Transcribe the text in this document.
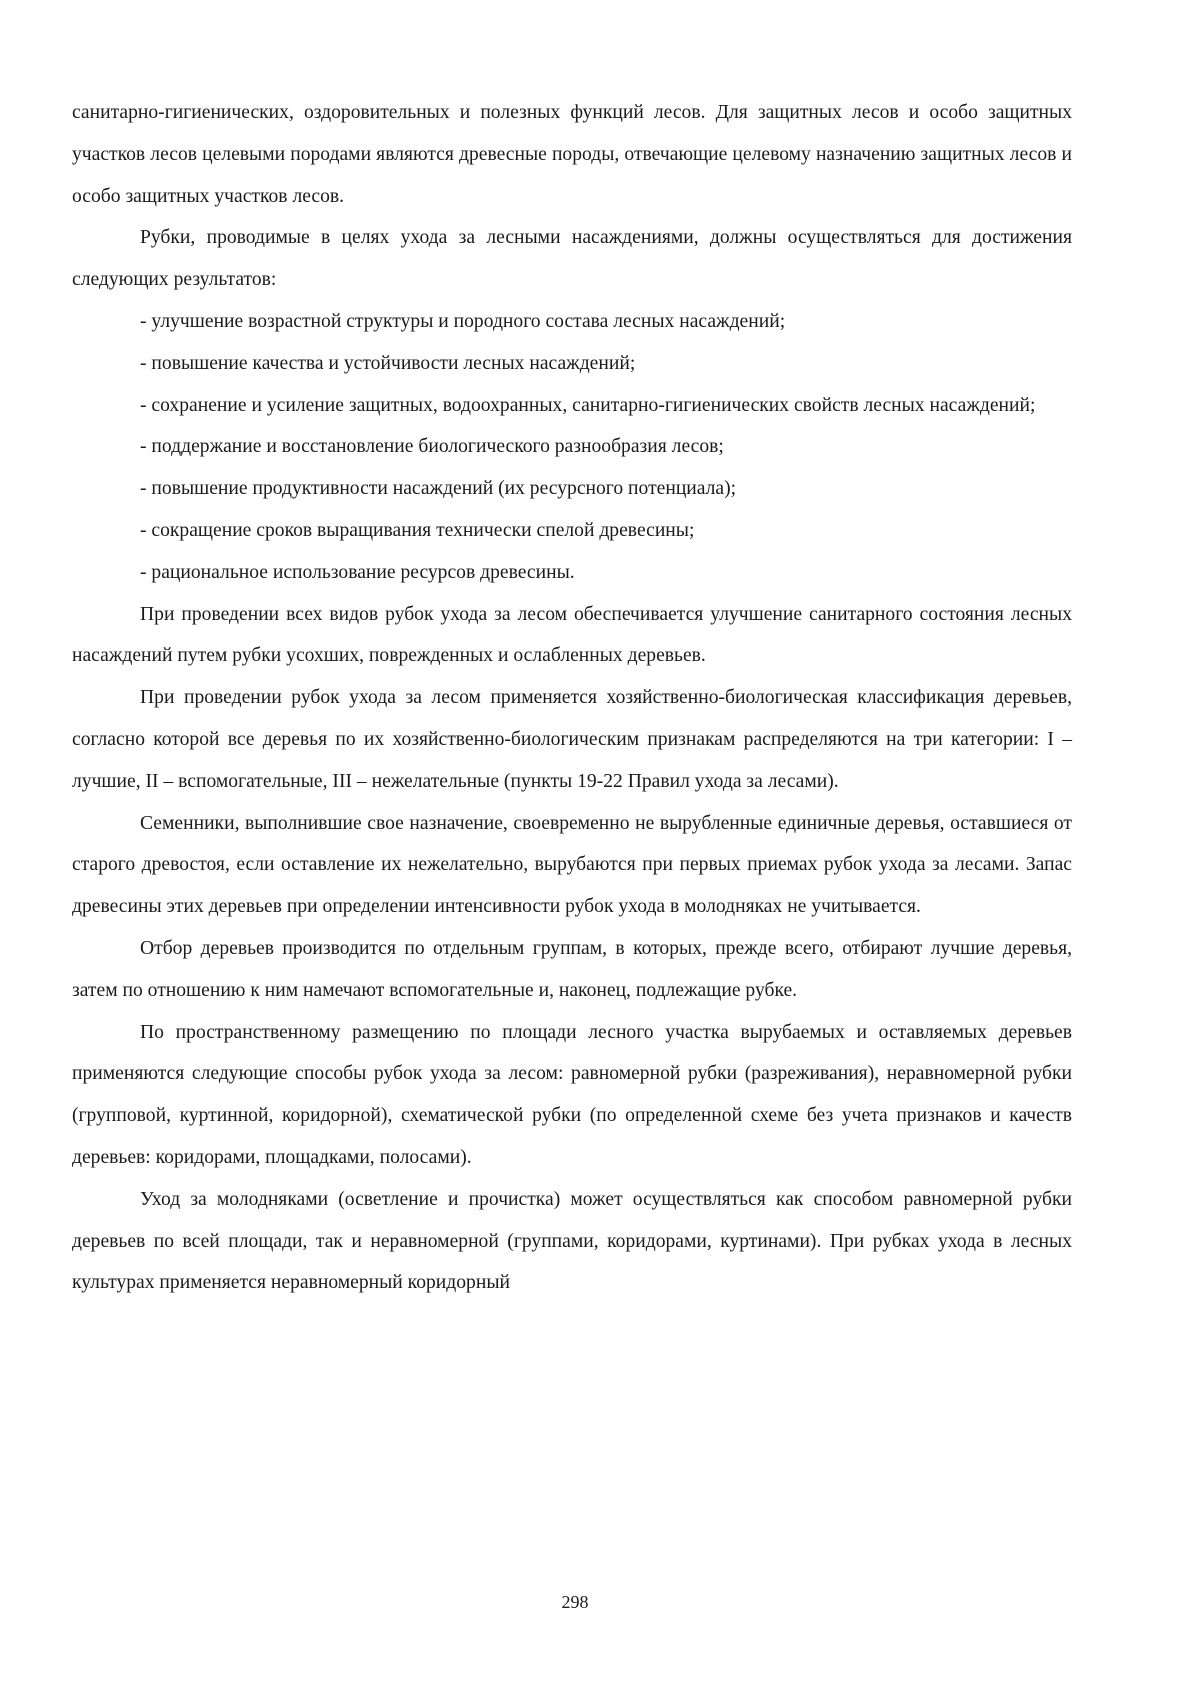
санитарно-гигиенических, оздоровительных и полезных функций лесов. Для защитных лесов и особо защитных участков лесов целевыми породами являются древесные породы, отвечающие целевому назначению защитных лесов и особо защитных участков лесов.

Рубки, проводимые в целях ухода за лесными насаждениями, должны осуществляться для достижения следующих результатов:

- улучшение возрастной структуры и породного состава лесных насаждений;

- повышение качества и устойчивости лесных насаждений;

- сохранение и усиление защитных, водоохранных, санитарно-гигиенических свойств лесных насаждений;

- поддержание и восстановление биологического разнообразия лесов;

- повышение продуктивности насаждений (их ресурсного потенциала);

- сокращение сроков выращивания технически спелой древесины;

- рациональное использование ресурсов древесины.

При проведении всех видов рубок ухода за лесом обеспечивается улучшение санитарного состояния лесных насаждений путем рубки усохших, поврежденных и ослабленных деревьев.

При проведении рубок ухода за лесом применяется хозяйственно-биологическая классификация деревьев, согласно которой все деревья по их хозяйственно-биологическим признакам распределяются на три категории: I – лучшие, II – вспомогательные, III – нежелательные (пункты 19-22 Правил ухода за лесами).

Семенники, выполнившие свое назначение, своевременно не вырубленные единичные деревья, оставшиеся от старого древостоя, если оставление их нежелательно, вырубаются при первых приемах рубок ухода за лесами. Запас древесины этих деревьев при определении интенсивности рубок ухода в молодняках не учитывается.

Отбор деревьев производится по отдельным группам, в которых, прежде всего, отбирают лучшие деревья, затем по отношению к ним намечают вспомогательные и, наконец, подлежащие рубке.

По пространственному размещению по площади лесного участка вырубаемых и оставляемых деревьев применяются следующие способы рубок ухода за лесом: равномерной рубки (разреживания), неравномерной рубки (групповой, куртинной, коридорной), схематической рубки (по определенной схеме без учета признаков и качеств деревьев: коридорами, площадками, полосами).

Уход за молодняками (осветление и прочистка) может осуществляться как способом равномерной рубки деревьев по всей площади, так и неравномерной (группами, коридорами, куртинами). При рубках ухода в лесных культурах применяется неравномерный коридорный

298
